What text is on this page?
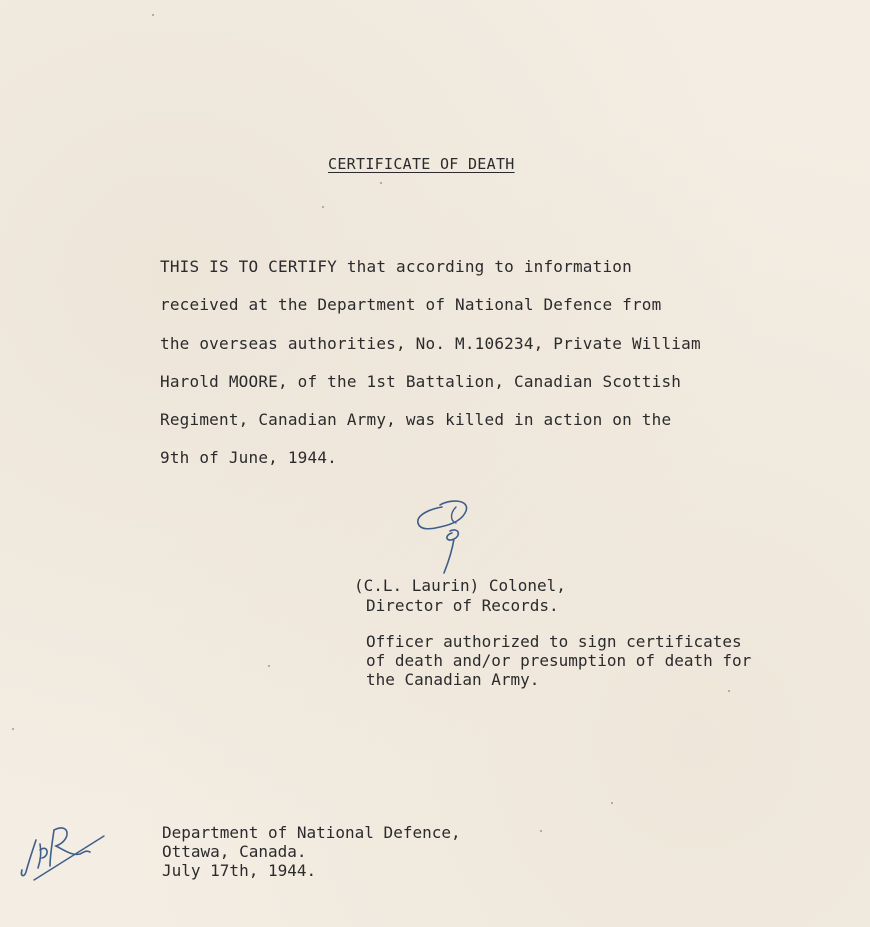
CERTIFICATE OF DEATH
THIS IS TO CERTIFY that according to information
received at the Department of National Defence from
the overseas authorities, No. M.106234, Private William
Harold MOORE, of the 1st Battalion, Canadian Scottish
Regiment, Canadian Army, was killed in action on the
9th of June, 1944.
(C.L. Laurin) Colonel,
Director of Records.
Officer authorized to sign certificates
of death and/or presumption of death for
the Canadian Army.
Department of National Defence,
Ottawa, Canada.
July 17th, 1944.
